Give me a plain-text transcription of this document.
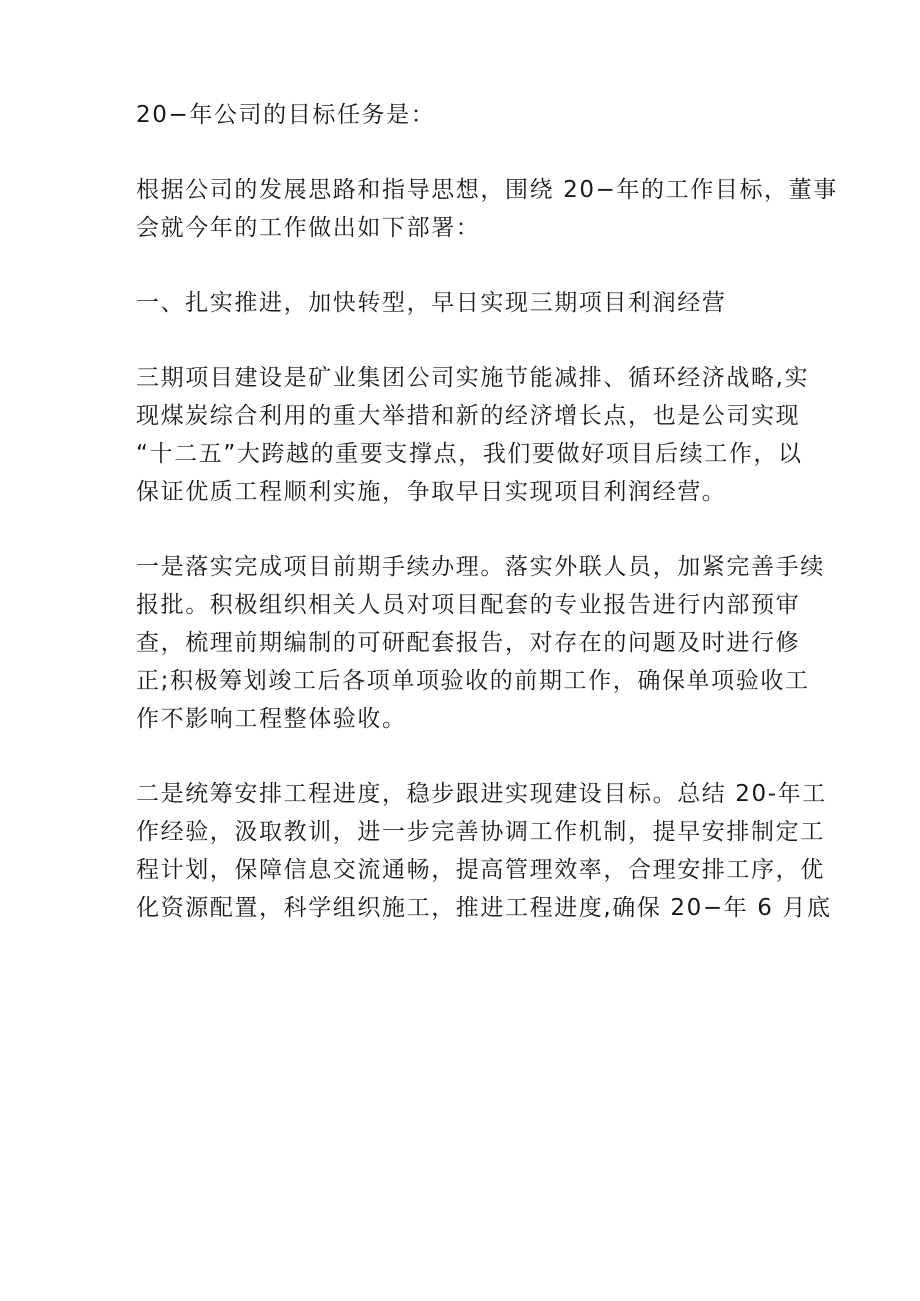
20−年公司的目标任务是：

根据公司的发展思路和指导思想，围绕 20−年的工作目标，董事
会就今年的工作做出如下部署：

一、扎实推进，加快转型，早日实现三期项目利润经营

三期项目建设是矿业集团公司实施节能减排、循环经济战略,实
现煤炭综合利用的重大举措和新的经济增长点，也是公司实现
“十二五”大跨越的重要支撑点，我们要做好项目后续工作，以
保证优质工程顺利实施，争取早日实现项目利润经营。

一是落实完成项目前期手续办理。落实外联人员，加紧完善手续
报批。积极组织相关人员对项目配套的专业报告进行内部预审
查，梳理前期编制的可研配套报告，对存在的问题及时进行修
正;积极筹划竣工后各项单项验收的前期工作，确保单项验收工
作不影响工程整体验收。

二是统筹安排工程进度，稳步跟进实现建设目标。总结 20-年工
作经验，汲取教训，进一步完善协调工作机制，提早安排制定工
程计划，保障信息交流通畅，提高管理效率，合理安排工序，优
化资源配置，科学组织施工，推进工程进度,确保 20−年 6 月底
